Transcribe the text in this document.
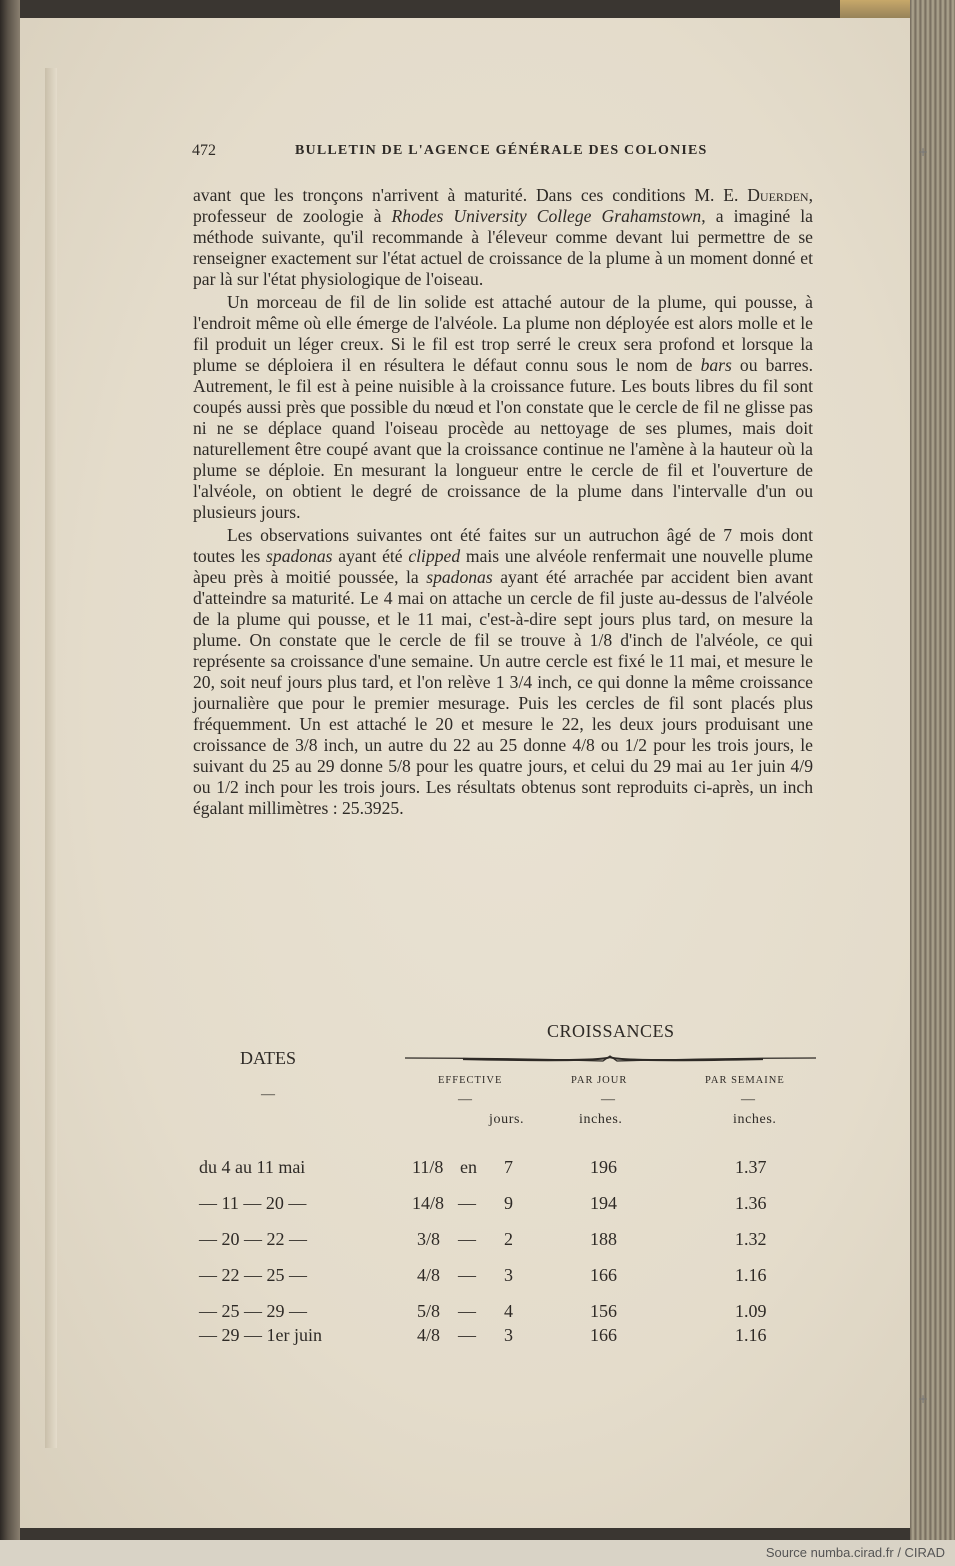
472	BULLETIN DE L'AGENCE GÉNÉRALE DES COLONIES

avant que les tronçons n'arrivent à maturité. Dans ces conditions M. E. Duerden, professeur de zoologie à Rhodes University College Grahamstown, a imaginé la méthode suivante, qu'il recommande à l'éleveur comme devant lui permettre de se renseigner exactement sur l'état actuel de croissance de la plume à un moment donné et par là sur l'état physiologique de l'oiseau.

Un morceau de fil de lin solide est attaché autour de la plume, qui pousse, à l'endroit même où elle émerge de l'alvéole. La plume non déployée est alors molle et le fil produit un léger creux. Si le fil est trop serré le creux sera profond et lorsque la plume se déploiera il en résultera le défaut connu sous le nom de bars ou barres. Autrement, le fil est à peine nuisible à la croissance future. Les bouts libres du fil sont coupés aussi près que possible du nœud et l'on constate que le cercle de fil ne glisse pas ni ne se déplace quand l'oiseau procède au nettoyage de ses plumes, mais doit naturellement être coupé avant que la croissance continue ne l'amène à la hauteur où la plume se déploie. En mesurant la longueur entre le cercle de fil et l'ouverture de l'alvéole, on obtient le degré de croissance de la plume dans l'intervalle d'un ou plusieurs jours.

Les observations suivantes ont été faites sur un autruchon âgé de 7 mois dont toutes les spadonas ayant été clipped mais une alvéole renfermait une nouvelle plume àpeu près à moitié poussée, la spadonas ayant été arrachée par accident bien avant d'atteindre sa maturité. Le 4 mai on attache un cercle de fil juste au-dessus de l'alvéole de la plume qui pousse, et le 11 mai, c'est-à-dire sept jours plus tard, on mesure la plume. On constate que le cercle de fil se trouve à 1/8 d'inch de l'alvéole, ce qui représente sa croissance d'une semaine. Un autre cercle est fixé le 11 mai, et mesure le 20, soit neuf jours plus tard, et l'on relève 1 3/4 inch, ce qui donne la même croissance journalière que pour le premier mesurage. Puis les cercles de fil sont placés plus fréquemment. Un est attaché le 20 et mesure le 22, les deux jours produisant une croissance de 3/8 inch, un autre du 22 au 25 donne 4/8 ou 1/2 pour les trois jours, le suivant du 25 au 29 donne 5/8 pour les quatre jours, et celui du 29 mai au 1er juin 4/9 ou 1/2 inch pour les trois jours. Les résultats obtenus sont reproduits ci-après, un inch égalant millimètres : 25.3925.

CROISSANCES
DATES
EFFECTIVE	PAR JOUR	PAR SEMAINE
—	—	—	—
jours.	inches.	inches.
du 4 au 11 mai	11/8 en 7	196	1.37
— 11 — 20 —	14/8 — 9	194	1.36
— 20 — 22 —	3/8 — 2	188	1.32
— 22 — 25 —	4/8 — 3	166	1.16
— 25 — 29 —	5/8 — 4	156	1.09
— 29 — 1er juin	4/8 — 3	166	1.16
+
+
Source numba.cirad.fr / CIRAD
